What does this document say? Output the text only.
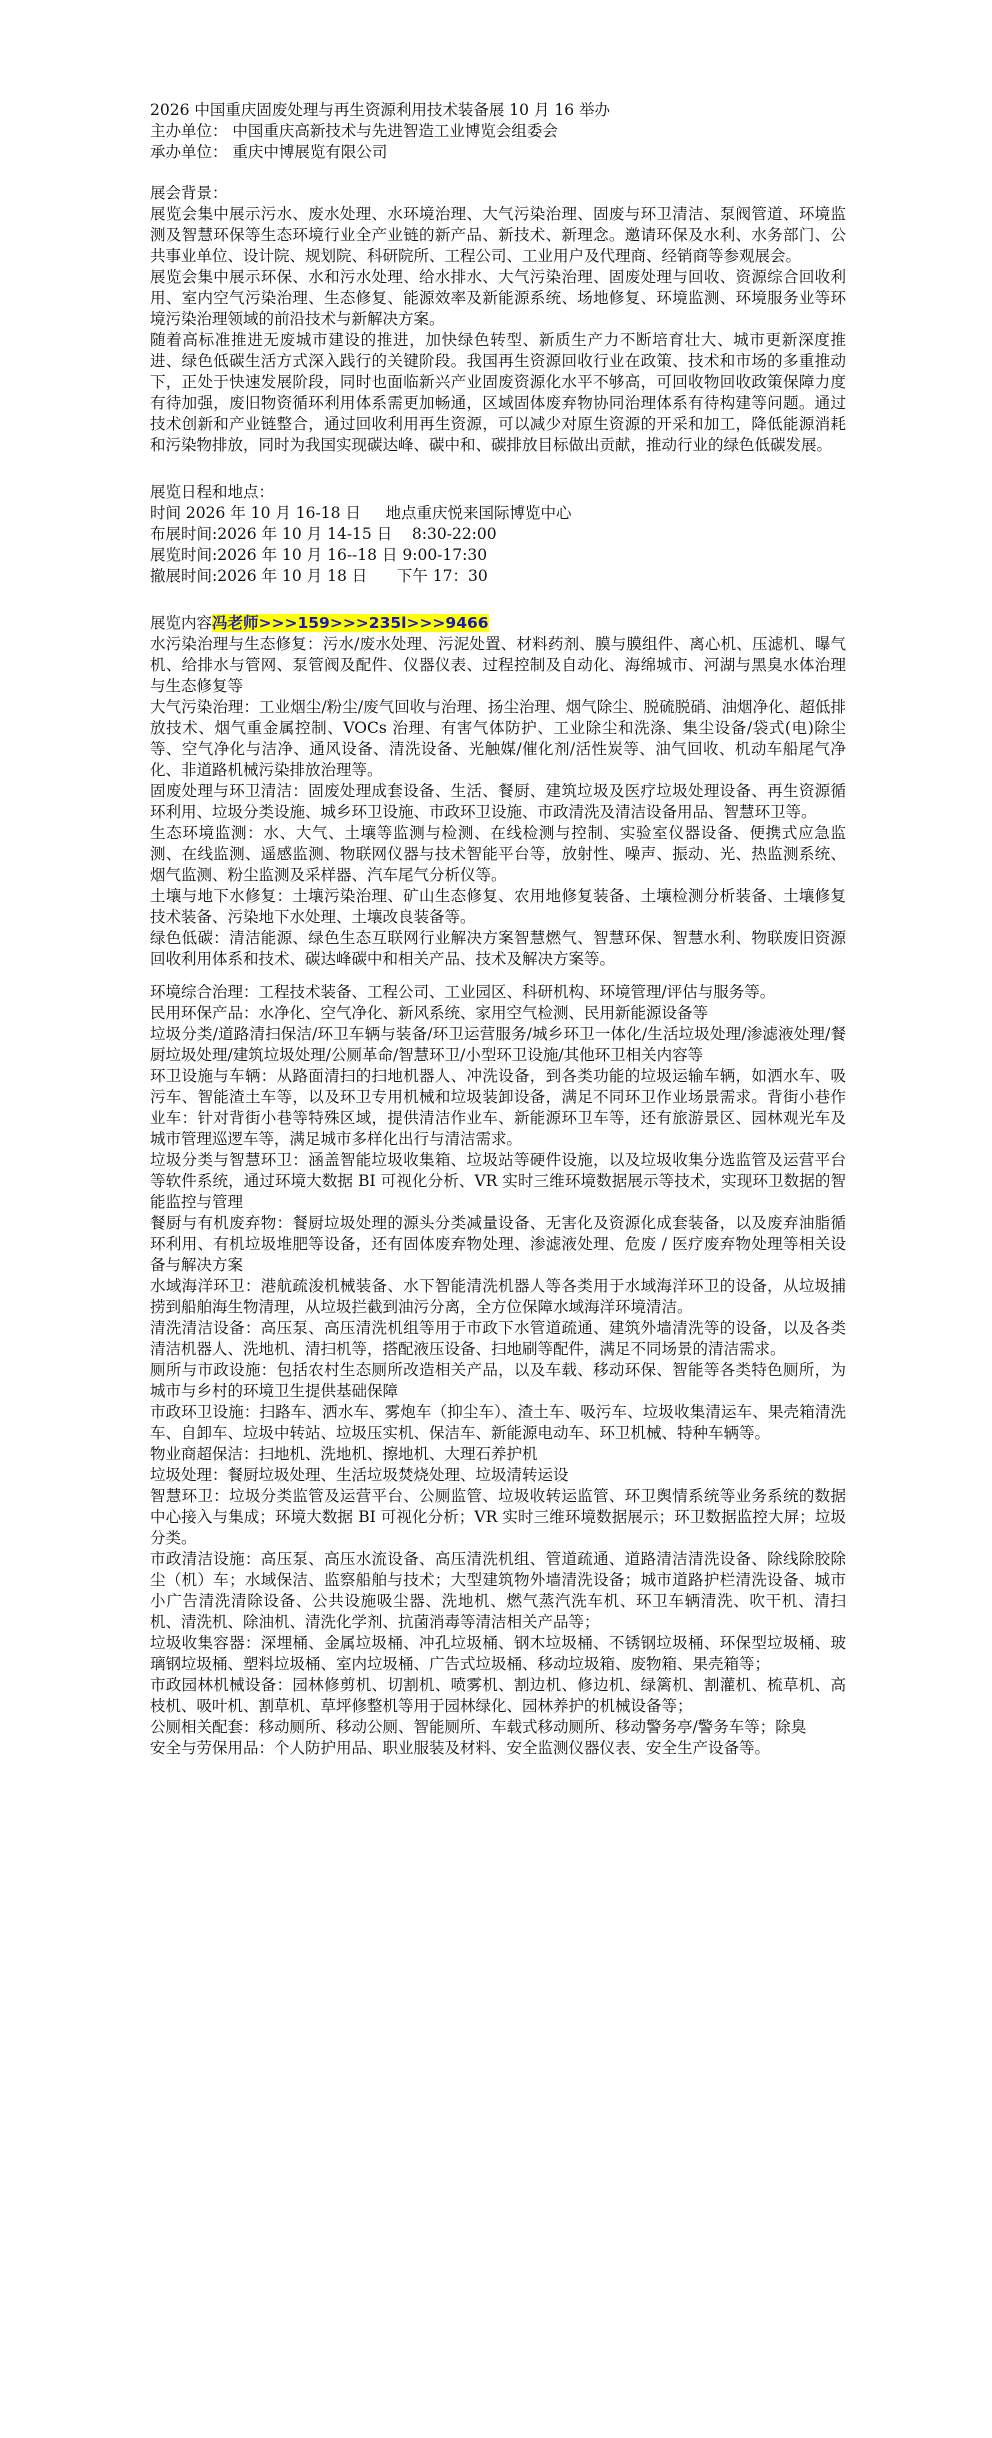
2026 中国重庆固废处理与再生资源利用技术装备展 10 月 16 举办

主办单位： 中国重庆高新技术与先进智造工业博览会组委会

承办单位： 重庆中博展览有限公司

展会背景：

展览会集中展示污水、废水处理、水环境治理、大气污染治理、固废与环卫清洁、泵阀管道、环境监测及智慧环保等生态环境行业全产业链的新产品、新技术、新理念。邀请环保及水利、水务部门、公共事业单位、设计院、规划院、科研院所、工程公司、工业用户及代理商、经销商等参观展会。

展览会集中展示环保、水和污水处理、给水排水、大气污染治理、固废处理与回收、资源综合回收利用、室内空气污染治理、生态修复、能源效率及新能源系统、场地修复、环境监测、环境服务业等环境污染治理领域的前沿技术与新解决方案。

随着高标准推进无废城市建设的推进，加快绿色转型、新质生产力不断培育壮大、城市更新深度推进、绿色低碳生活方式深入践行的关键阶段。我国再生资源回收行业在政策、技术和市场的多重推动下，正处于快速发展阶段，同时也面临新兴产业固废资源化水平不够高，可回收物回收政策保障力度有待加强，废旧物资循环利用体系需更加畅通，区域固体废弃物协同治理体系有待构建等问题。通过技术创新和产业链整合，通过回收利用再生资源，可以减少对原生资源的开采和加工，降低能源消耗和污染物排放，同时为我国实现碳达峰、碳中和、碳排放目标做出贡献，推动行业的绿色低碳发展。

展览日程和地点：

时间 2026 年 10 月 16-18 日     地点重庆悦来国际博览中心

布展时间:2026 年 10 月 14-15 日    8:30-22:00

展览时间:2026 年 10 月 16--18 日 9:00-17:30

撤展时间:2026 年 10 月 18 日      下午 17：30

展览内容冯老师>>>159>>>235l>>>9466

水污染治理与生态修复：污水/废水处理、污泥处置、材料药剂、膜与膜组件、离心机、压滤机、曝气机、给排水与管网、泵管阀及配件、仪器仪表、过程控制及自动化、海绵城市、河湖与黑臭水体治理与生态修复等

大气污染治理：工业烟尘/粉尘/废气回收与治理、扬尘治理、烟气除尘、脱硫脱硝、油烟净化、超低排放技术、烟气重金属控制、VOCs 治理、有害气体防护、工业除尘和洗涤、集尘设备/袋式(电)除尘等、空气净化与洁净、通风设备、清洗设备、光触媒/催化剂/活性炭等、油气回收、机动车船尾气净化、非道路机械污染排放治理等。

固废处理与环卫清洁：固废处理成套设备、生活、餐厨、建筑垃圾及医疗垃圾处理设备、再生资源循环利用、垃圾分类设施、城乡环卫设施、市政环卫设施、市政清洗及清洁设备用品、智慧环卫等。

生态环境监测：水、大气、土壤等监测与检测、在线检测与控制、实验室仪器设备、便携式应急监测、在线监测、遥感监测、物联网仪器与技术智能平台等，放射性、噪声、振动、光、热监测系统、烟气监测、粉尘监测及采样器、汽车尾气分析仪等。

土壤与地下水修复：土壤污染治理、矿山生态修复、农用地修复装备、土壤检测分析装备、土壤修复技术装备、污染地下水处理、土壤改良装备等。

绿色低碳：清洁能源、绿色生态互联网行业解决方案智慧燃气、智慧环保、智慧水利、物联废旧资源回收利用体系和技术、碳达峰碳中和相关产品、技术及解决方案等。

环境综合治理：工程技术装备、工程公司、工业园区、科研机构、环境管理/评估与服务等。

民用环保产品：水净化、空气净化、新风系统、家用空气检测、民用新能源设备等

垃圾分类/道路清扫保洁/环卫车辆与装备/环卫运营服务/城乡环卫一体化/生活垃圾处理/渗滤液处理/餐厨垃圾处理/建筑垃圾处理/公厕革命/智慧环卫/小型环卫设施/其他环卫相关内容等

环卫设施与车辆：从路面清扫的扫地机器人、冲洗设备，到各类功能的垃圾运输车辆，如洒水车、吸污车、智能渣土车等，以及环卫专用机械和垃圾装卸设备，满足不同环卫作业场景需求。背街小巷作业车：针对背街小巷等特殊区域，提供清洁作业车、新能源环卫车等，还有旅游景区、园林观光车及城市管理巡逻车等，满足城市多样化出行与清洁需求。

垃圾分类与智慧环卫：涵盖智能垃圾收集箱、垃圾站等硬件设施，以及垃圾收集分选监管及运营平台等软件系统，通过环境大数据 BI 可视化分析、VR 实时三维环境数据展示等技术，实现环卫数据的智能监控与管理

餐厨与有机废弃物：餐厨垃圾处理的源头分类减量设备、无害化及资源化成套装备，以及废弃油脂循环利用、有机垃圾堆肥等设备，还有固体废弃物处理、渗滤液处理、危废 / 医疗废弃物处理等相关设备与解决方案

水域海洋环卫：港航疏浚机械装备、水下智能清洗机器人等各类用于水域海洋环卫的设备，从垃圾捕捞到船舶海生物清理，从垃圾拦截到油污分离，全方位保障水域海洋环境清洁。

清洗清洁设备：高压泵、高压清洗机组等用于市政下水管道疏通、建筑外墙清洗等的设备，以及各类清洁机器人、洗地机、清扫机等，搭配液压设备、扫地刷等配件，满足不同场景的清洁需求。

厕所与市政设施：包括农村生态厕所改造相关产品，以及车载、移动环保、智能等各类特色厕所，为城市与乡村的环境卫生提供基础保障

市政环卫设施：扫路车、洒水车、雾炮车（抑尘车）、渣土车、吸污车、垃圾收集清运车、果壳箱清洗车、自卸车、垃圾中转站、垃圾压实机、保洁车、新能源电动车、环卫机械、特种车辆等。

物业商超保洁：扫地机、洗地机、擦地机、大理石养护机

垃圾处理：餐厨垃圾处理、生活垃圾焚烧处理、垃圾清转运设

智慧环卫：垃圾分类监管及运营平台、公厕监管、垃圾收转运监管、环卫舆情系统等业务系统的数据中心接入与集成；环境大数据 BI 可视化分析；VR 实时三维环境数据展示；环卫数据监控大屏；垃圾分类。

市政清洁设施：高压泵、高压水流设备、高压清洗机组、管道疏通、道路清洁清洗设备、除线除胶除尘（机）车；水域保洁、监察船舶与技术；大型建筑物外墙清洗设备；城市道路护栏清洗设备、城市小广告清洗清除设备、公共设施吸尘器、洗地机、燃气蒸汽洗车机、环卫车辆清洗、吹干机、清扫机、清洗机、除油机、清洗化学剂、抗菌消毒等清洁相关产品等；

垃圾收集容器：深埋桶、金属垃圾桶、冲孔垃圾桶、钢木垃圾桶、不锈钢垃圾桶、环保型垃圾桶、玻璃钢垃圾桶、塑料垃圾桶、室内垃圾桶、广告式垃圾桶、移动垃圾箱、废物箱、果壳箱等；

市政园林机械设备：园林修剪机、切割机、喷雾机、割边机、修边机、绿篱机、割灌机、梳草机、高枝机、吸叶机、割草机、草坪修整机等用于园林绿化、园林养护的机械设备等；

公厕相关配套：移动厕所、移动公厕、智能厕所、车载式移动厕所、移动警务亭/警务车等；除臭

安全与劳保用品：个人防护用品、职业服装及材料、安全监测仪器仪表、安全生产设备等。
